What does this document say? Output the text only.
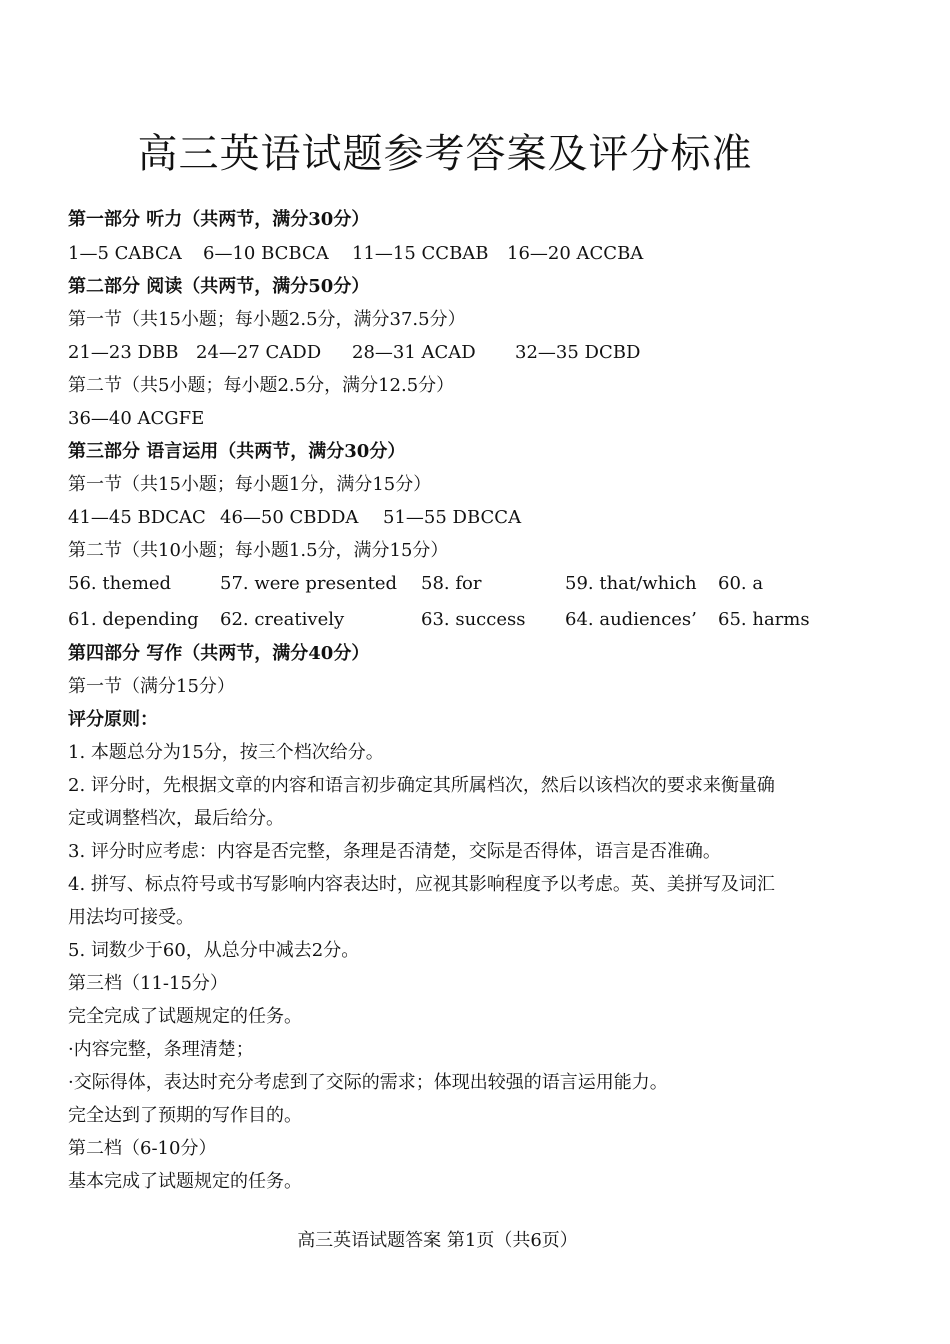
高三英语试题参考答案及评分标准
第一部分 听力（共两节，满分30分）
1—5 CABCA 6—10 BCBCA 11—15 CCBAB 16—20 ACCBA
第二部分 阅读（共两节，满分50分）
第一节（共15小题；每小题2.5分，满分37.5分）
21—23 DBB 24—27 CADD 28—31 ACAD 32—35 DCBD
第二节（共5小题；每小题2.5分，满分12.5分）
36—40 ACGFE
第三部分 语言运用（共两节，满分30分）
第一节（共15小题；每小题1分，满分15分）
41—45 BDCAC 46—50 CBDDA 51—55 DBCCA
第二节（共10小题；每小题1.5分，满分15分）
56. themed	57. were presented 58. for	59. that/which 60. a
61. depending 62. creatively	63. success 64. audiences’ 65. harms
第四部分 写作（共两节，满分40分）
第一节（满分15分）
评分原则：
1. 本题总分为15分，按三个档次给分。
2. 评分时，先根据文章的内容和语言初步确定其所属档次，然后以该档次的要求来衡量确
定或调整档次，最后给分。
3. 评分时应考虑：内容是否完整，条理是否清楚，交际是否得体，语言是否准确。
4. 拼写、标点符号或书写影响内容表达时，应视其影响程度予以考虑。英、美拼写及词汇
用法均可接受。
5. 词数少于60，从总分中减去2分。
第三档（11-15分）
完全完成了试题规定的任务。
·内容完整，条理清楚；
·交际得体，表达时充分考虑到了交际的需求；体现出较强的语言运用能力。
完全达到了预期的写作目的。
第二档（6-10分）
基本完成了试题规定的任务。
高三英语试题答案 第1页（共6页）
